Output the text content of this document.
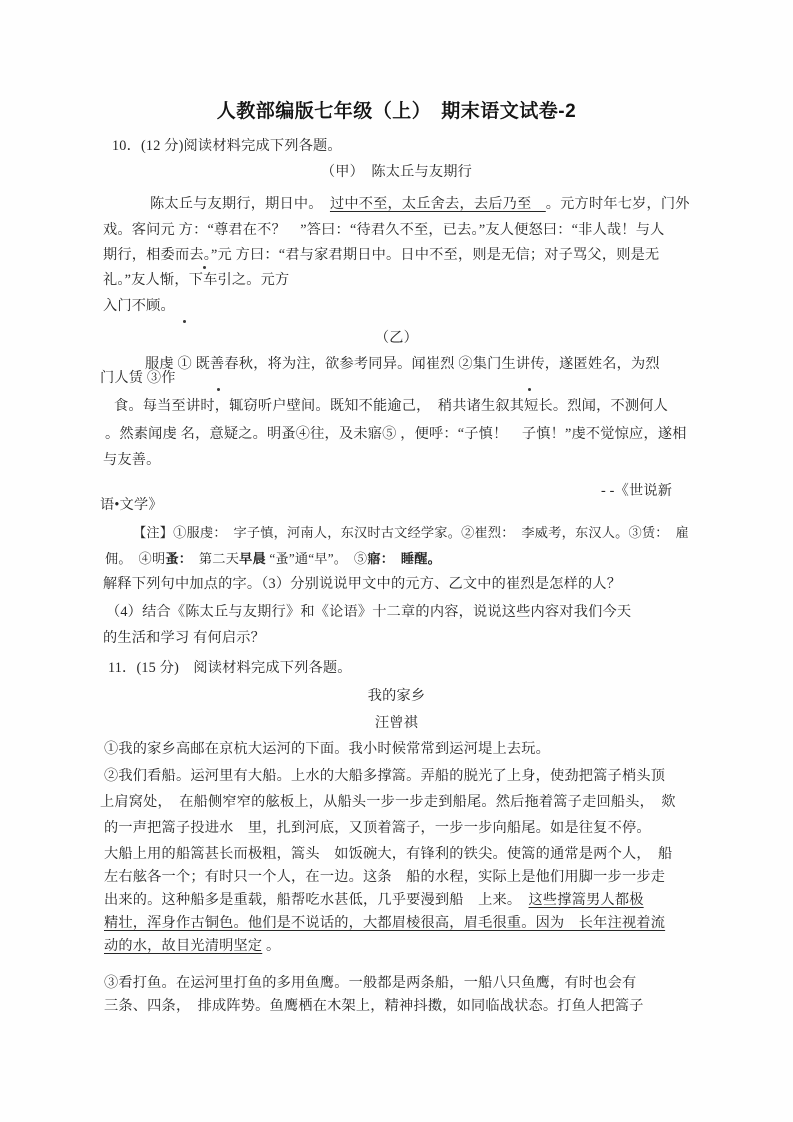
人教部编版七年级（上）　期末语文试卷-2
10．(12 分)阅读材料完成下列各题。
（甲）　陈太丘与友期行
陈太丘与友期行，期日中。　过中不至，太丘舍去，去后乃至　。元方时年七岁，门外
戏。客问元 方：“尊君在不？　”答曰：“待君久不至，已去。”友人便怒曰：“非人哉！与人
期行，相委而去。”元 方曰：“君与家君期日中。日中不至，则是无信；对子骂父，则是无
礼。”友人惭，下车引之。元方
入门不顾。
（乙）
服虔 ① 既善春秋，将为注，欲参考同异。闻崔烈 ②集门生讲传，遂匿姓名，为烈
门人赁 ③作
食。每当至讲时，辄窃听户壁间。既知不能逾己，　稍共诸生叙其短长。烈闻，不测何人
。然素闻虔 名，意疑之。明蚤④往，及未寤⑤ ，便呼：“子慎！　子慎！”虔不觉惊应，遂相
与友善。
- -《世说新
语•文学》
【注】①服虔：　字子慎，河南人，东汉时古文经学家。②崔烈：　李威考，东汉人。③赁：　雇
佣。　④明蚤：　第二天早晨 “蚤”通“早”。　⑤寤：　 睡醒。
解释下列句中加点的字。（3）分别说说甲文中的元方、乙文中的崔烈是怎样的人？
（4）结合《陈太丘与友期行》和《论语》十二章的内容，说说这些内容对我们今天
的生活和学习 有何启示？
11．(15 分)　阅读材料完成下列各题。
我的家乡
汪曾祺
①我的家乡高邮在京杭大运河的下面。我小时候常常到运河堤上去玩。
②我们看船。运河里有大船。上水的大船多撑篙。弄船的脱光了上身，使劲把篙子梢头顶
上肩窝处，　在船侧窄窄的舷板上，从船头一步一步走到船尾。然后拖着篙子走回船头，　欻
的一声把篙子投进水　里，扎到河底，又顶着篙子，一步一步向船尾。如是往复不停。
大船上用的船篙甚长而极粗，篙头　如饭碗大，有锋利的铁尖。使篙的通常是两个人，　船
左右舷各一个；有时只一个人，在一边。这条　船的水程，实际上是他们用脚一步一步走
出来的。这种船多是重载，船帮吃水甚低，几乎要漫到船　上来。　这些撑篙男人都极
精壮，浑身作古铜色。他们是不说话的，大都眉棱很高，眉毛很重。因为　长年注视着流
动的水，故目光清明坚定 。
③看打鱼。在运河里打鱼的多用鱼鹰。一般都是两条船，一船八只鱼鹰，有时也会有
三条、四条，　排成阵势。鱼鹰栖在木架上，精神抖擞，如同临战状态。打鱼人把篙子
